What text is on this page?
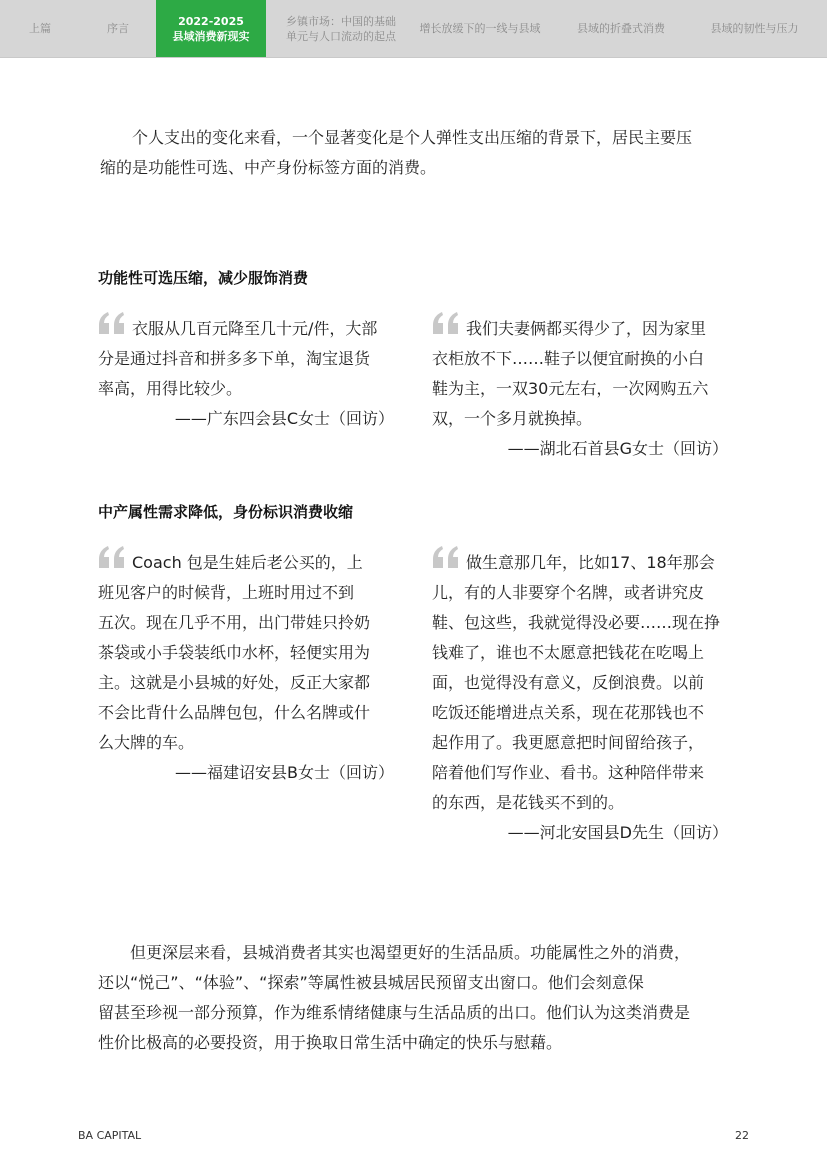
上篇	序言
2022-2025
县域消费新现实
乡镇市场：中国的基础
单元与人口流动的起点
增长放缓下的一线与县域	县域的折叠式消费	县域的韧性与压力
个人支出的变化来看，一个显著变化是个人弹性支出压缩的背景下，居民主要压
缩的是功能性可选、中产身份标签方面的消费。
功能性可选压缩，减少服饰消费
衣服从几百元降至几十元/件，大部
分是通过抖音和拼多多下单，淘宝退货
率高，用得比较少。
——广东四会县C女士（回访）
我们夫妻俩都买得少了，因为家里
衣柜放不下……鞋子以便宜耐换的小白
鞋为主，一双30元左右，一次网购五六
双，一个多月就换掉。
——湖北石首县G女士（回访）
中产属性需求降低，身份标识消费收缩
Coach 包是生娃后老公买的，上
班见客户的时候背，上班时用过不到
五次。现在几乎不用，出门带娃只拎奶
茶袋或小手袋装纸巾水杯，轻便实用为
主。这就是小县城的好处，反正大家都
不会比背什么品牌包包，什么名牌或什
么大牌的车。
——福建诏安县B女士（回访）
做生意那几年，比如17、18年那会
儿，有的人非要穿个名牌，或者讲究皮
鞋、包这些，我就觉得没必要……现在挣
钱难了，谁也不太愿意把钱花在吃喝上
面，也觉得没有意义，反倒浪费。以前
吃饭还能增进点关系，现在花那钱也不
起作用了。我更愿意把时间留给孩子，
陪着他们写作业、看书。这种陪伴带来
的东西，是花钱买不到的。
——河北安国县D先生（回访）
但更深层来看，县城消费者其实也渴望更好的生活品质。功能属性之外的消费，
还以“悦己”、“体验”、“探索”等属性被县城居民预留支出窗口。他们会刻意保
留甚至珍视一部分预算，作为维系情绪健康与生活品质的出口。他们认为这类消费是
性价比极高的必要投资，用于换取日常生活中确定的快乐与慰藉。
BA CAPITAL	22
